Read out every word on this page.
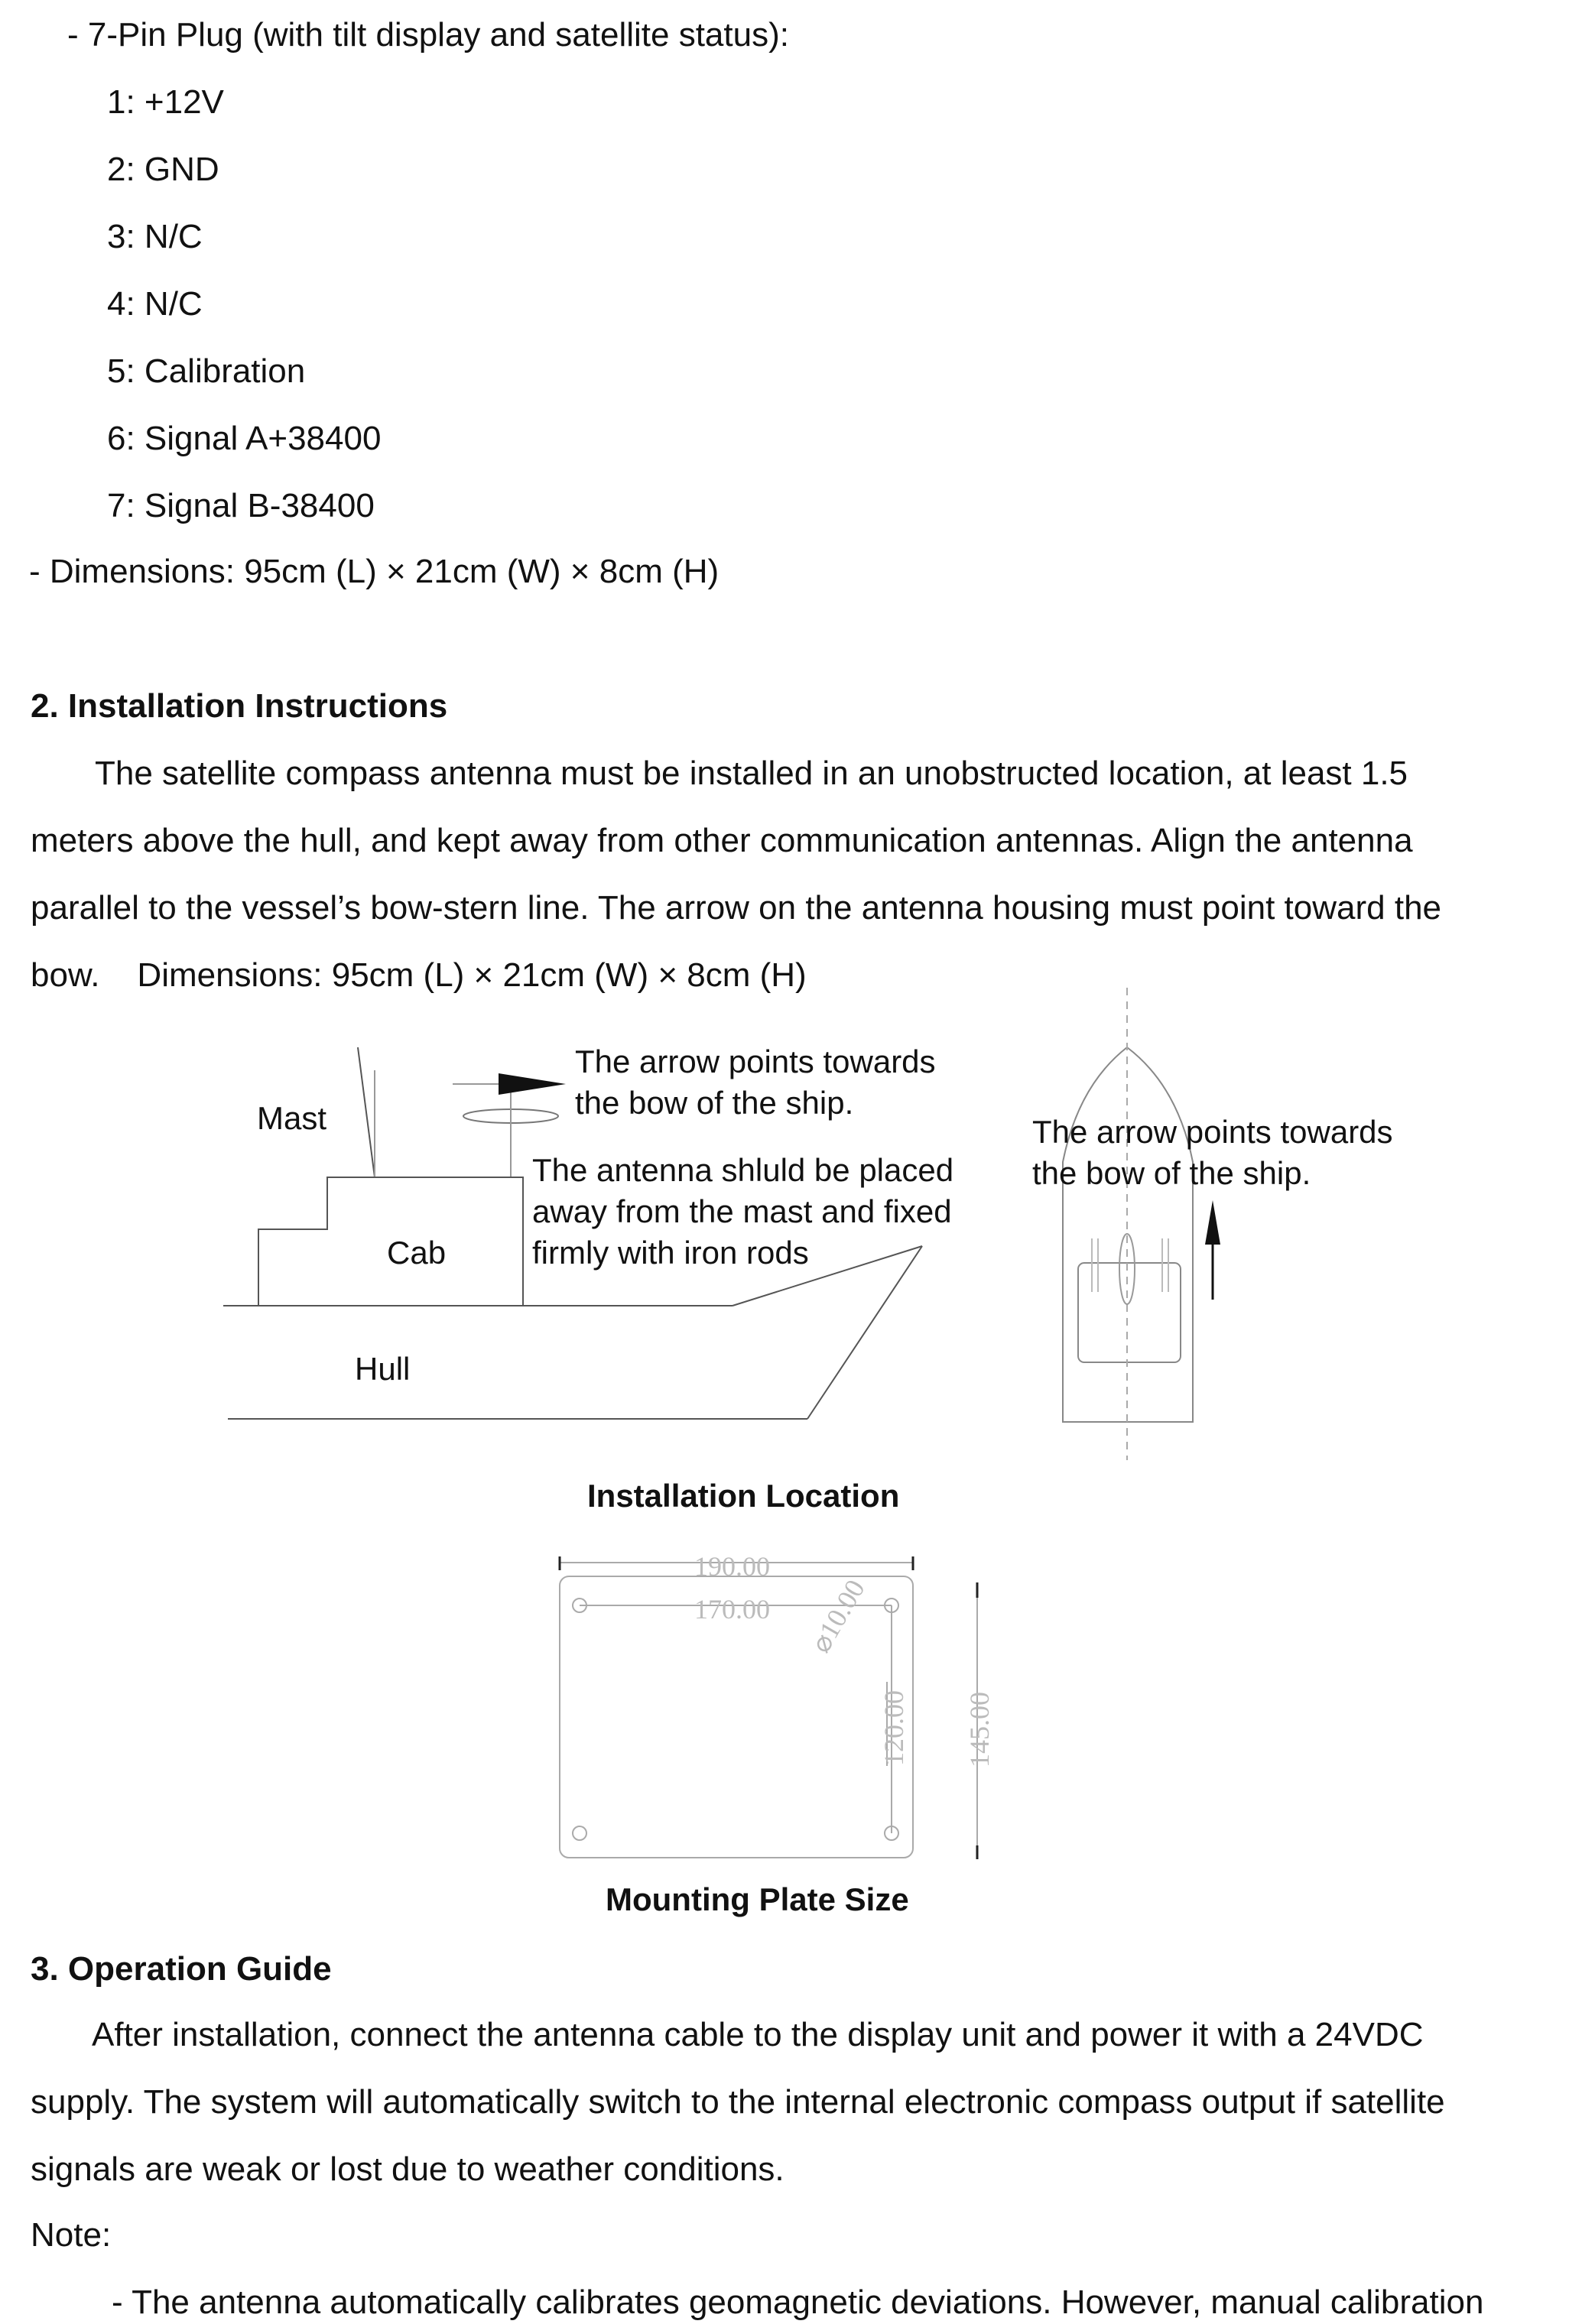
- 7-Pin Plug (with tilt display and satellite status):
1: +12V
2: GND
3: N/C
4: N/C
5: Calibration
6: Signal A+38400
7: Signal B-38400
- Dimensions: 95cm (L) × 21cm (W) × 8cm (H)
2. Installation Instructions
The satellite compass antenna must be installed in an unobstructed location, at least 1.5
meters above the hull, and kept away from other communication antennas. Align the antenna
parallel to the vessel’s bow-stern line. The arrow on the antenna housing must point toward the
bow.    Dimensions: 95cm (L) × 21cm (W) × 8cm (H)
Mast
Cab
Hull
The arrow points towards
the bow of the ship.
The antenna shluld be placed
away from the mast and fixed
firmly with iron rods
The arrow points towards
the bow of the ship.
Installation Location
190.00
170.00 ⌀10.00
120.00 145.00
Mounting Plate Size
3. Operation Guide
After installation, connect the antenna cable to the display unit and power it with a 24VDC
supply. The system will automatically switch to the internal electronic compass output if satellite
signals are weak or lost due to weather conditions.
Note:
- The antenna automatically calibrates geomagnetic deviations. However, manual calibration
